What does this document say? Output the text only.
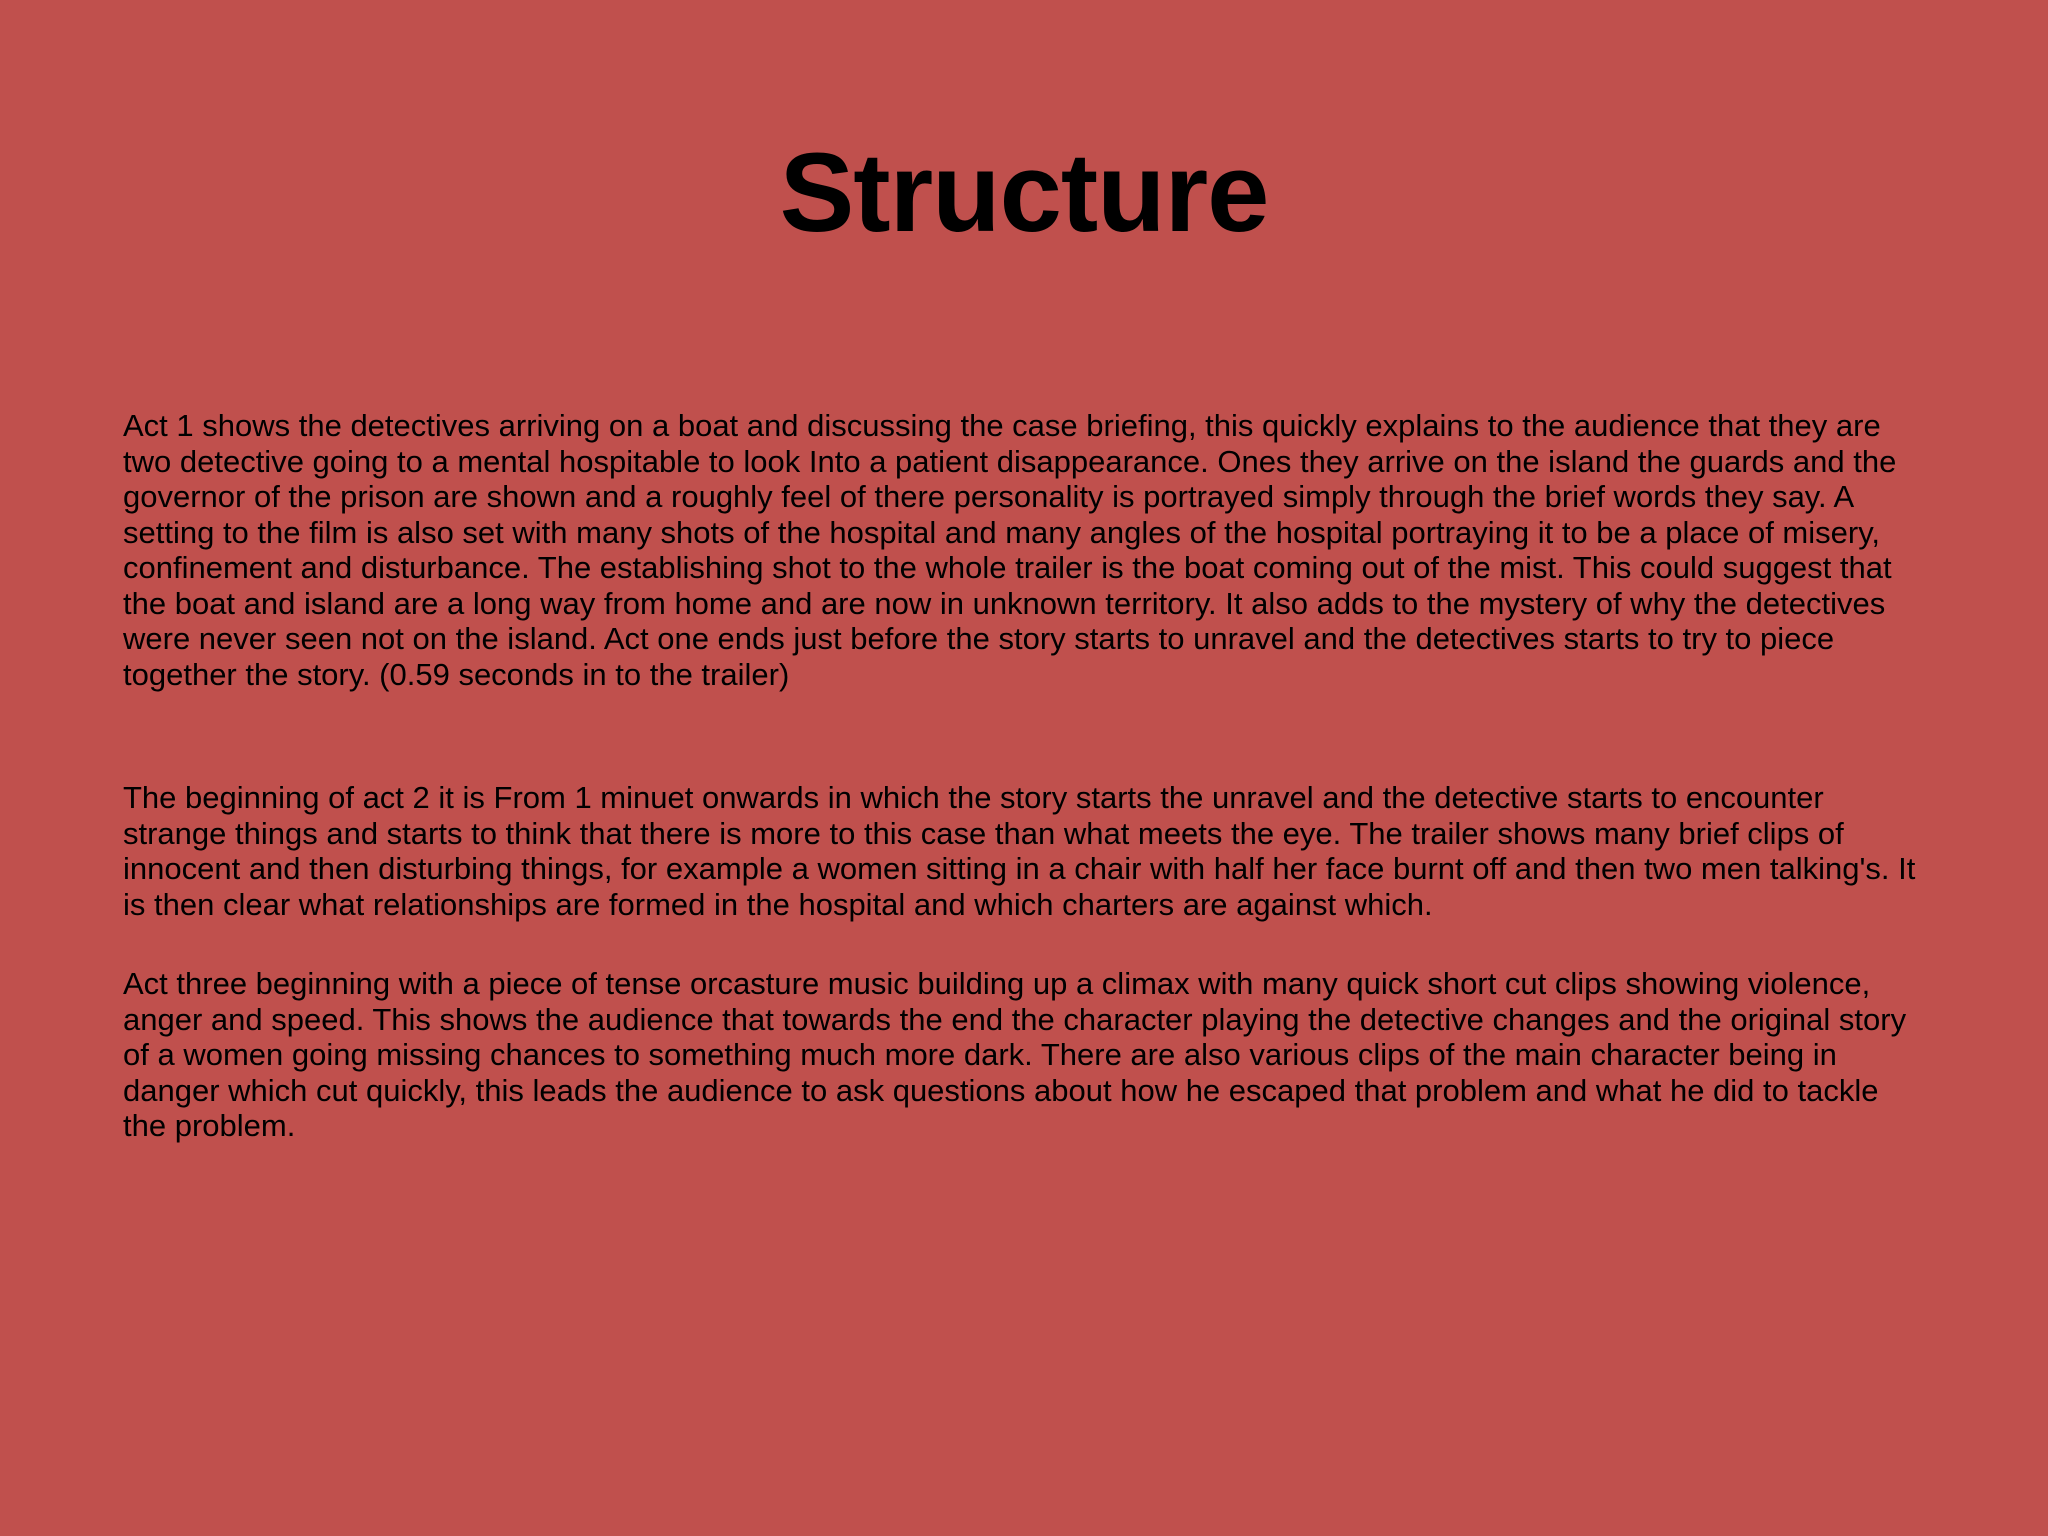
Structure

Act 1 shows the detectives arriving on a boat and discussing the case briefing, this quickly explains to the audience that they are two detective going to a mental hospitable to look Into a patient disappearance. Ones they arrive on the island the guards and the governor of the prison are shown and a roughly feel of there personality is portrayed simply through the brief words they say. A setting to the film is also set with many shots of the hospital and many angles of the hospital portraying it to be a place of misery, confinement and disturbance. The establishing shot to the whole trailer is the boat coming out of the mist. This could suggest that the boat and island are a long way from home and are now in unknown territory. It also adds to the mystery of why the detectives were never seen not on the island. Act one ends just before the story starts to unravel and the detectives starts to try to piece together the story. (0.59 seconds in to the trailer)

The beginning of act 2 it is From 1 minuet onwards in which the story starts the unravel and the detective starts to encounter strange things and starts to think that there is more to this case than what meets the eye. The trailer shows many brief clips of innocent and then disturbing things, for example a women sitting in a chair with half her face burnt off and then two men talking's. It is then clear what relationships are formed in the hospital and which charters are against which.

Act three beginning with a piece of tense orcasture music building up a climax with many quick short cut clips showing violence, anger and speed. This shows the audience that towards the end the character playing the detective changes and the original story of a women going missing chances to something much more dark. There are also various clips of the main character being in danger which cut quickly, this leads the audience to ask questions about how he escaped that problem and what he did to tackle the problem.
